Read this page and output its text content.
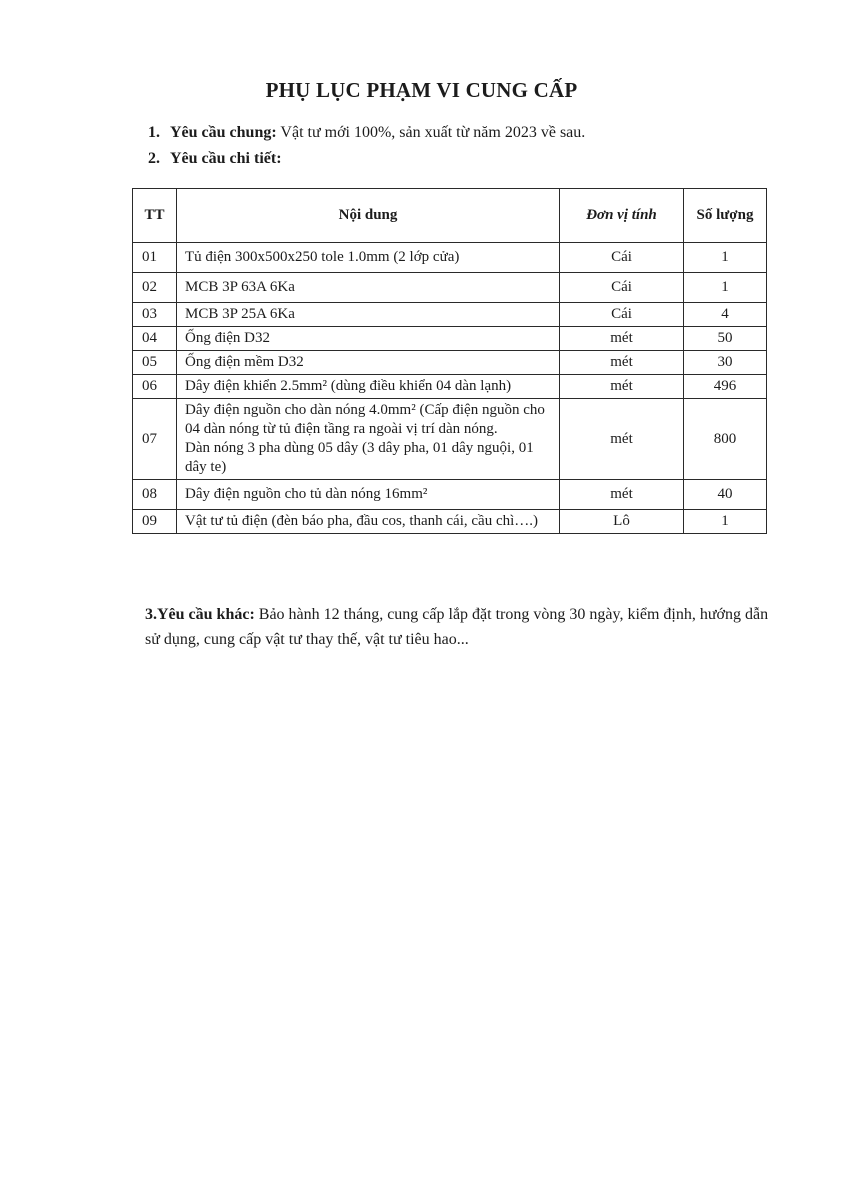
PHỤ LỤC PHẠM VI CUNG CẤP
1. Yêu cầu chung: Vật tư mới 100%, sản xuất từ năm 2023 về sau.
2. Yêu cầu chi tiết:
TT	Nội dung	Đơn vị tính	Số lượng
01	Tủ điện 300x500x250 tole 1.0mm (2 lớp cửa)	Cái	1
02	MCB 3P 63A 6Ka	Cái	1
03	MCB 3P 25A 6Ka	Cái	4
04	Ống điện D32	mét	50
05	Ống điện mềm D32	mét	30
06	Dây điện khiển 2.5mm² (dùng điều khiển 04 dàn lạnh)	mét	496
07	Dây điện nguồn cho dàn nóng 4.0mm² (Cấp điện nguồn cho 04 dàn nóng từ tủ điện tầng ra ngoài vị trí dàn nóng.
Dàn nóng 3 pha dùng 05 dây (3 dây pha, 01 dây nguội, 01 dây te)	mét	800
08	Dây điện nguồn cho tủ dàn nóng 16mm²	mét	40
09	Vật tư tủ điện (đèn báo pha, đầu cos, thanh cái, cầu chì….)	Lô	1
3.Yêu cầu khác: Bảo hành 12 tháng, cung cấp lắp đặt trong vòng 30 ngày, kiểm định, hướng dẫn sử dụng, cung cấp vật tư thay thế, vật tư tiêu hao...
